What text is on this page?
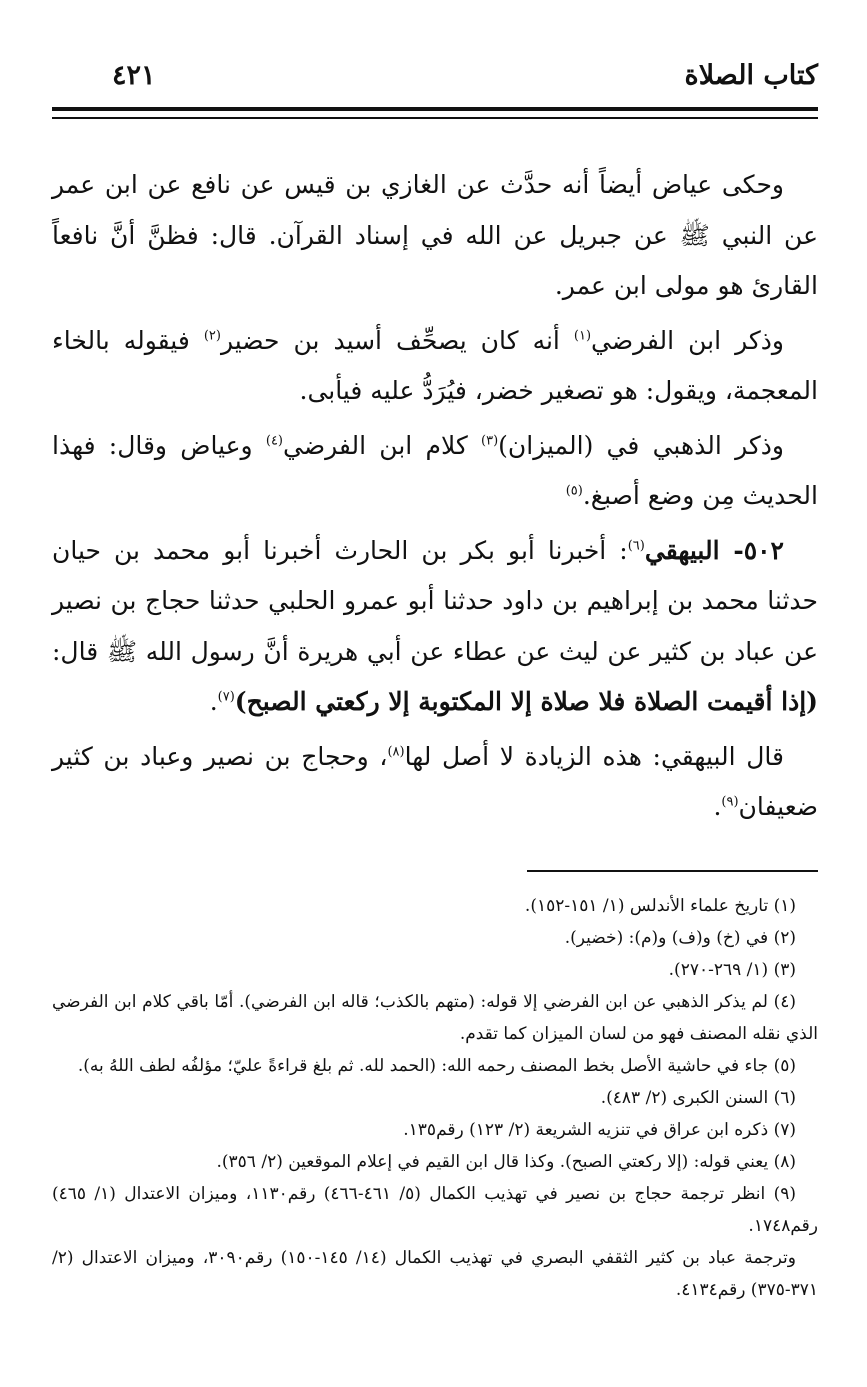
كتاب الصلاة
٤٢١

وحكى عياض أيضاً أنه حدَّث عن الغازي بن قيس عن نافع عن ابن عمر عن النبي ﷺ عن جبريل عن الله في إسناد القرآن. قال: فظنَّ أنَّ نافعاً القارئ هو مولى ابن عمر.

وذكر ابن الفرضي$^{(١)}$ أنه كان يصحِّف أسيد بن حضير$^{(٢)}$ فيقوله بالخاء المعجمة، ويقول: هو تصغير خضر، فيُرَدُّ عليه فيأبى.

وذكر الذهبي في (الميزان)$^{(٣)}$ كلام ابن الفرضي$^{(٤)}$ وعياض وقال: فهذا الحديث مِن وضع أصبغ.$^{(٥)}$

٥٠٢- البيهقي$^{(٦)}$: أخبرنا أبو بكر بن الحارث أخبرنا أبو محمد بن حيان حدثنا محمد بن إبراهيم بن داود حدثنا أبو عمرو الحلبي حدثنا حجاج بن نصير عن عباد بن كثير عن ليث عن عطاء عن أبي هريرة أنَّ رسول الله ﷺ قال: (إذا أقيمت الصلاة فلا صلاة إلا المكتوبة إلا ركعتي الصبح)$^{(٧)}$.

قال البيهقي: هذه الزيادة لا أصل لها$^{(٨)}$، وحجاج بن نصير وعباد بن كثير ضعيفان$^{(٩)}$.

(١) تاريخ علماء الأندلس (١/ ١٥١-١٥٢).

(٢) في (خ) و(ف) و(م): (خضير).

(٣) (١/ ٢٦٩-٢٧٠).

(٤) لم يذكر الذهبي عن ابن الفرضي إلا قوله: (متهم بالكذب؛ قاله ابن الفرضي). أمّا باقي كلام ابن الفرضي الذي نقله المصنف فهو من لسان الميزان كما تقدم.

(٥) جاء في حاشية الأصل بخط المصنف رحمه الله: (الحمد لله. ثم بلغ قراءةً عليّ؛ مؤلفُه لطف اللهُ به).

(٦) السنن الكبرى (٢/ ٤٨٣).

(٧) ذكره ابن عراق في تنزيه الشريعة (٢/ ١٢٣) رقم١٣٥.

(٨) يعني قوله: (إلا ركعتي الصبح). وكذا قال ابن القيم في إعلام الموقعين (٢/ ٣٥٦).

(٩) انظر ترجمة حجاج بن نصير في تهذيب الكمال (٥/ ٤٦١-٤٦٦) رقم١١٣٠، وميزان الاعتدال (١/ ٤٦٥) رقم١٧٤٨.

وترجمة عباد بن كثير الثقفي البصري في تهذيب الكمال (١٤/ ١٤٥-١٥٠) رقم٣٠٩٠، وميزان الاعتدال (٢/ ٣٧١-٣٧٥) رقم٤١٣٤.
